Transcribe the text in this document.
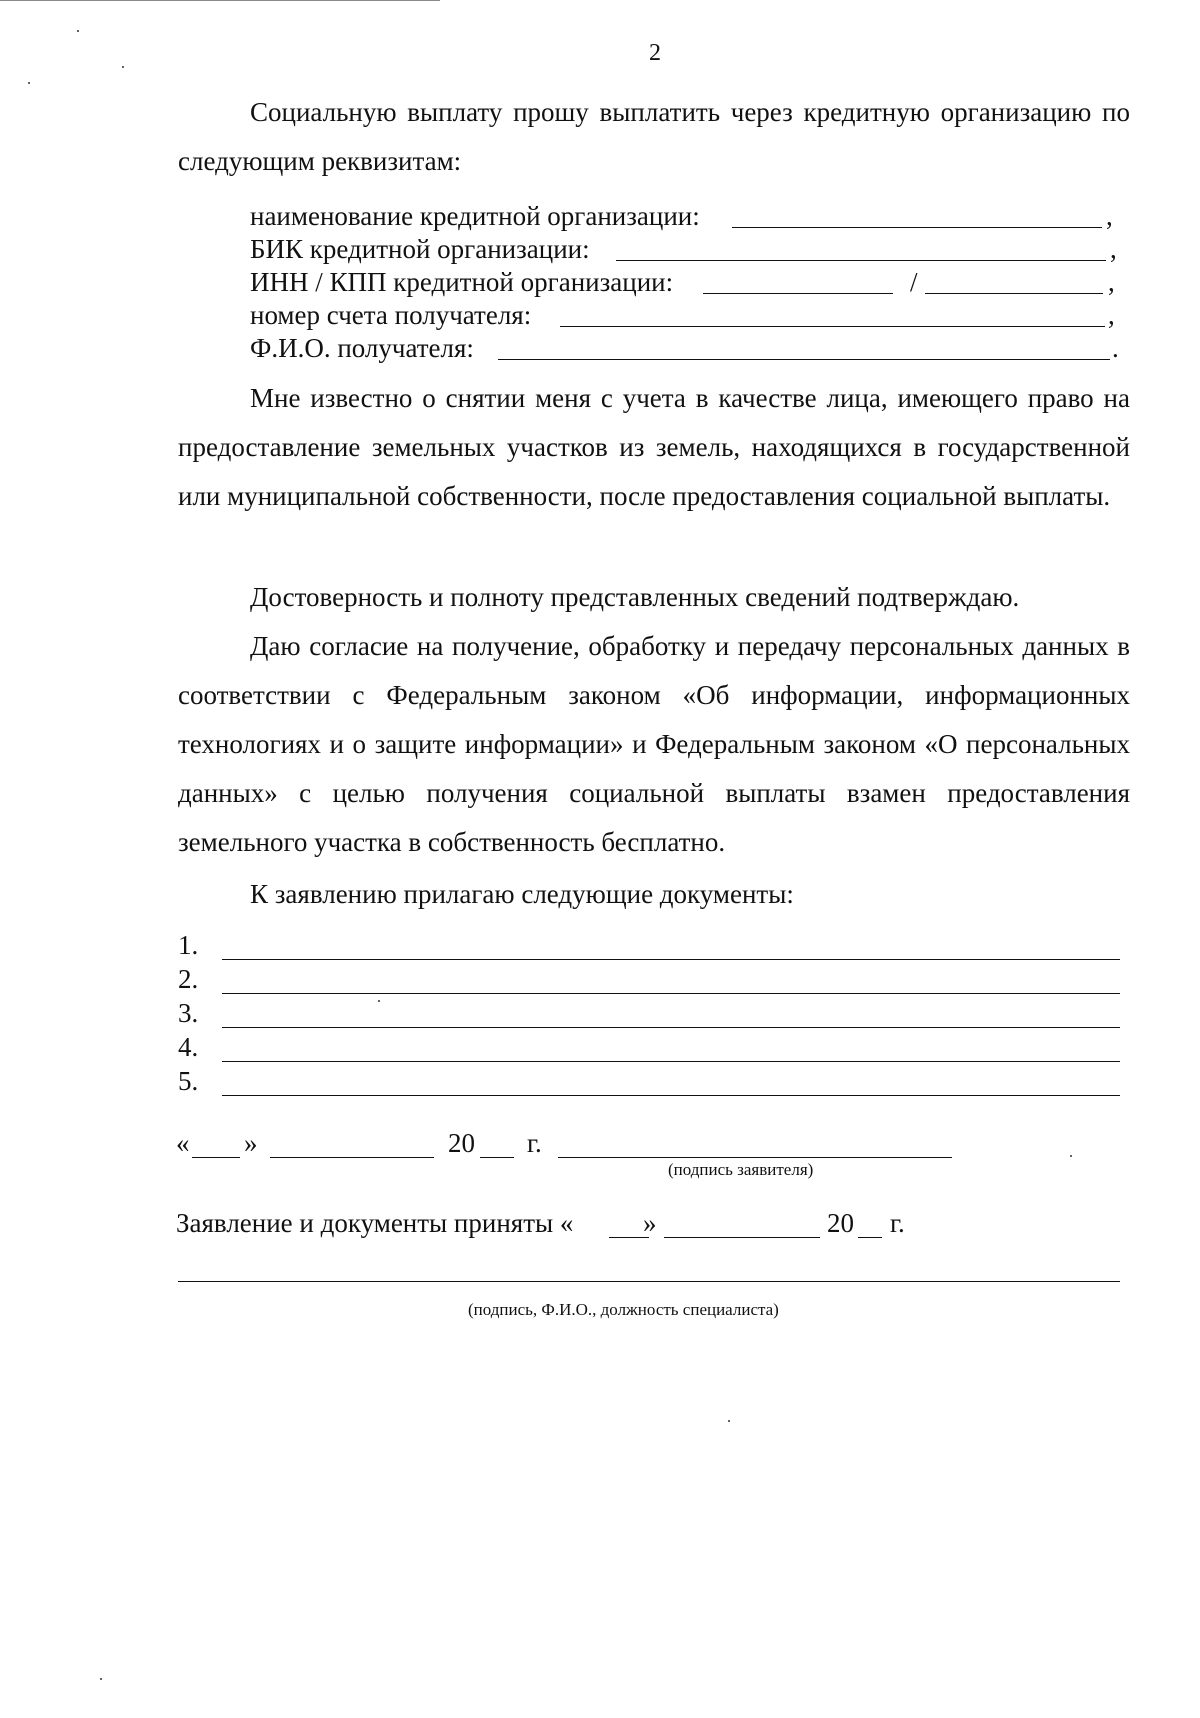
2

Социальную выплату прошу выплатить через кредитную организацию по следующим реквизитам:

наименование кредитной организации:	,
БИК кредитной организации:	,
ИНН / КПП кредитной организации:	/	,
номер счета получателя:	,
Ф.И.О. получателя:	.

Мне известно о снятии меня с учета в качестве лица, имеющего право на предоставление земельных участков из земель, находящихся в государственной или муниципальной собственности, после предоставления социальной выплаты.

Достоверность и полноту представленных сведений подтверждаю.

Даю согласие на получение, обработку и передачу персональных данных в соответствии с Федеральным законом «Об информации, информационных технологиях и о защите информации» и Федеральным законом «О персональных данных» с целью получения социальной выплаты взамен предоставления земельного участка в собственность бесплатно.

К заявлению прилагаю следующие документы:

1.
2.
3.
4.
5.
« »	20 г.
(подпись заявителя)
Заявление и документы приняты «	»	20 г.
(подпись, Ф.И.О., должность специалиста)
